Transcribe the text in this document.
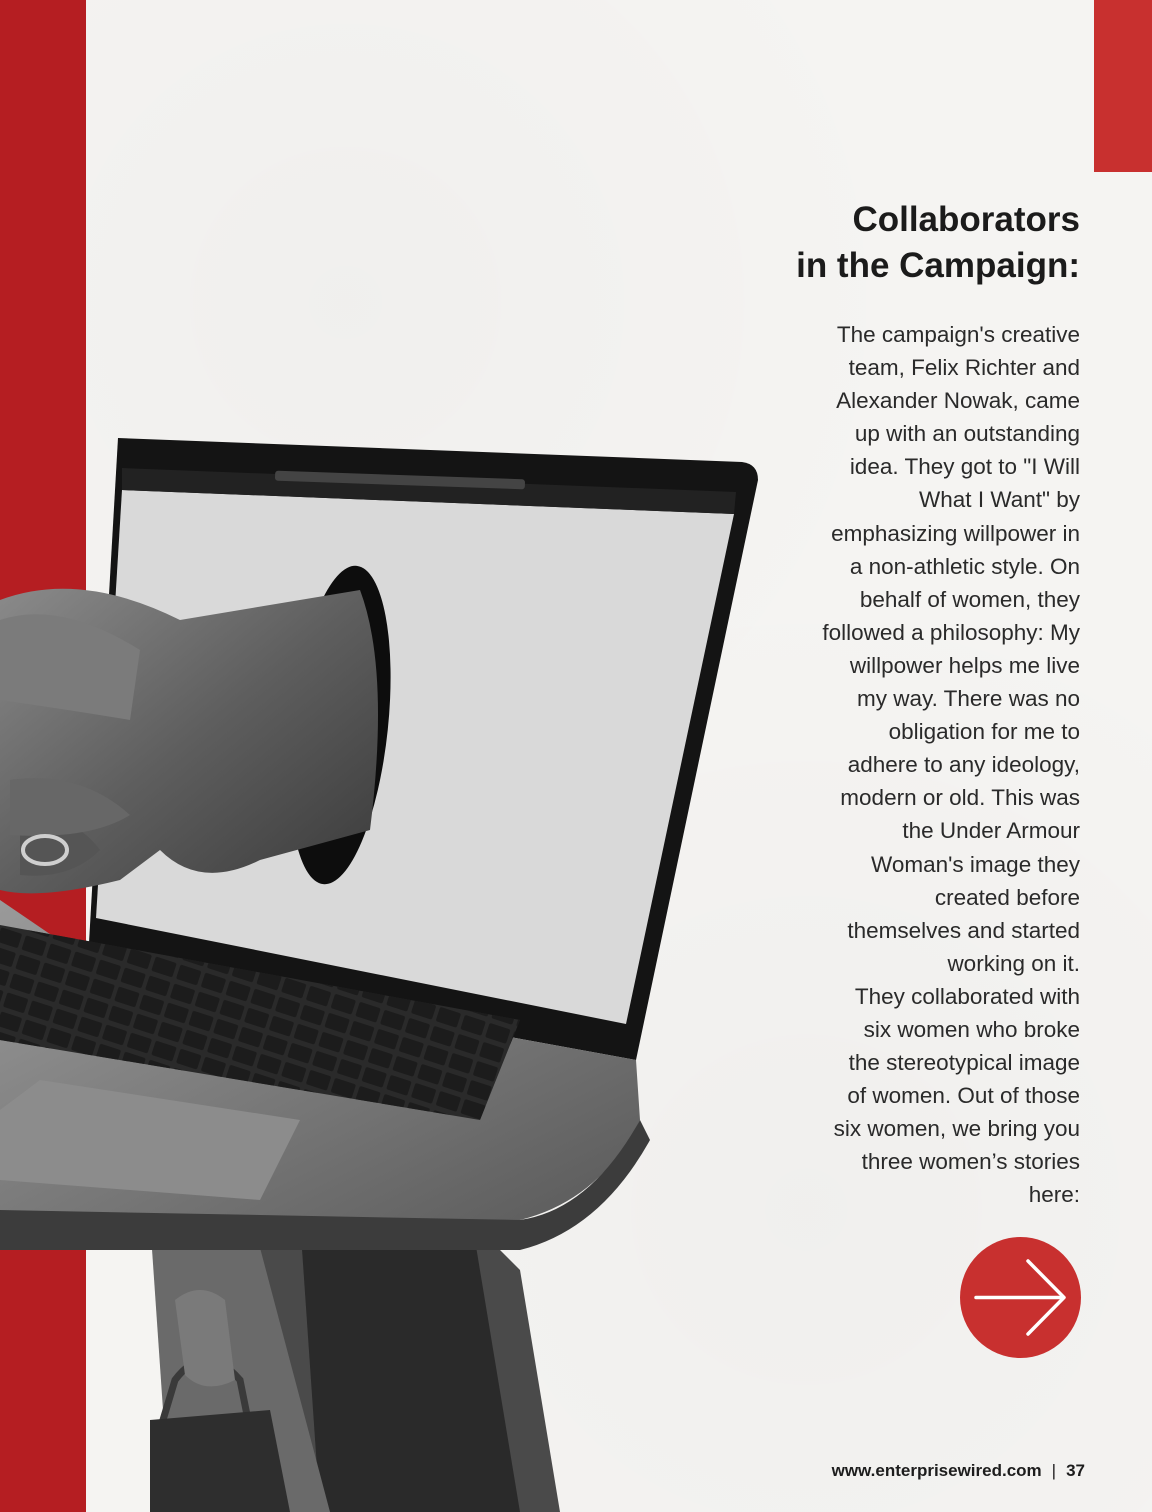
Collaborators
in the Campaign:

The campaign's creative
team, Felix Richter and
Alexander Nowak, came
up with an outstanding
idea. They got to "I Will
What I Want" by
emphasizing willpower in
a non-athletic style. On
behalf of women, they
followed a philosophy: My
willpower helps me live
my way. There was no
obligation for me to
adhere to any ideology,
modern or old. This was
the Under Armour
Woman's image they
created before
themselves and started
working on it.
They collaborated with
six women who broke
the stereotypical image
of women. Out of those
six women, we bring you
three women’s stories
here:

www.enterprisewired.com | 37
